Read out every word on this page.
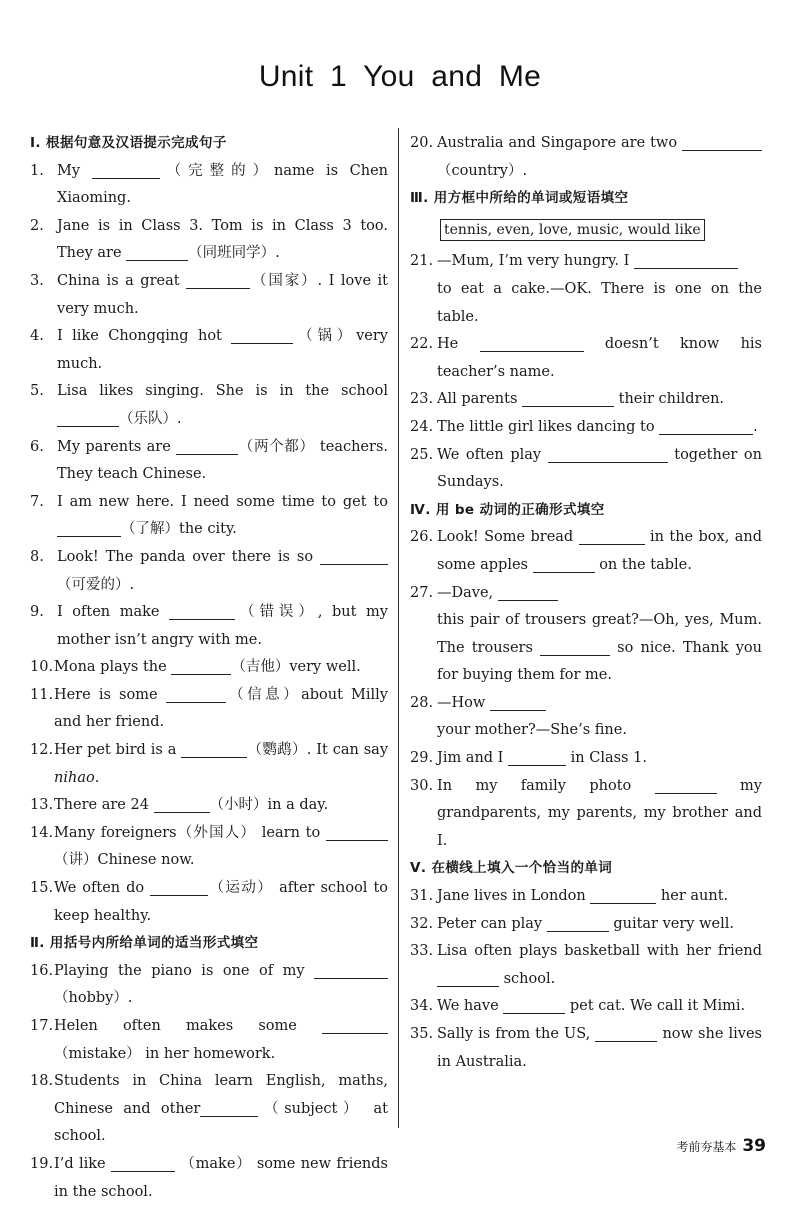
Unit 1 You and Me
Ⅰ. 根据句意及汉语提示完成句子
1. My	（完整的）name is Chen Xiaoming.
2. Jane is in Class 3. Tom is in Class 3 too. They are	（同班同学）.
3. China is a great	（国家）. I love it very much.
4. I like Chongqing hot	（锅）very much.
5. Lisa likes singing. She is in the school （乐队）.
6. My parents are	（两个都） teachers. They teach Chinese.
7. I am new here. I need some time to get to （了解）the city.
8. Look! The panda over there is so （可爱的）.
9. I often make	（错误）, but my mother isn’t angry with me.
10. Mona plays the	（吉他）very well.
11. Here is some	（信息）about Milly and her friend.
12. Her pet bird is a	（鹦鹉）. It can say nihao.
13. There are 24	（小时）in a day.
14. Many foreigners（外国人） learn to （讲）Chinese now.
15. We often do	（运动） after school to keep healthy.
Ⅱ. 用括号内所给单词的适当形式填空
16. Playing the piano is one of my （hobby）.
17. Helen often makes some （mistake） in her homework.
18. Students in China learn English, maths, Chinese and other	（subject） at school.
19. I’d like	（make） some new friends in the school.
20. Australia and Singapore are two （country）.
Ⅲ. 用方框中所给的单词或短语填空
tennis, even, love, music, would like
21. —Mum, I’m very hungry. I
to eat a cake.—OK. There is one on the table.
22. He	doesn’t know his teacher’s name.
23. All parents	their children.
24. The little girl likes dancing to	.
25. We often play	together on Sundays.
Ⅳ. 用 be 动词的正确形式填空
26. Look! Some bread	in the box, and some apples	on the table.
27. —Dave,
this pair of trousers great?—Oh, yes, Mum. The trousers	so nice. Thank you for buying them for me.
28. —How
your mother?—She’s fine.
29. Jim and I	in Class 1.
30. In my family photo	my grandparents, my parents, my brother and I.
Ⅴ. 在横线上填入一个恰当的单词
31. Jane lives in London	her aunt.
32. Peter can play	guitar very well.
33. Lisa often plays basketball with her friend  school.
34. We have	pet cat. We call it Mimi.
35. Sally is from the US,	now she lives in Australia.
考前夯基本 39
